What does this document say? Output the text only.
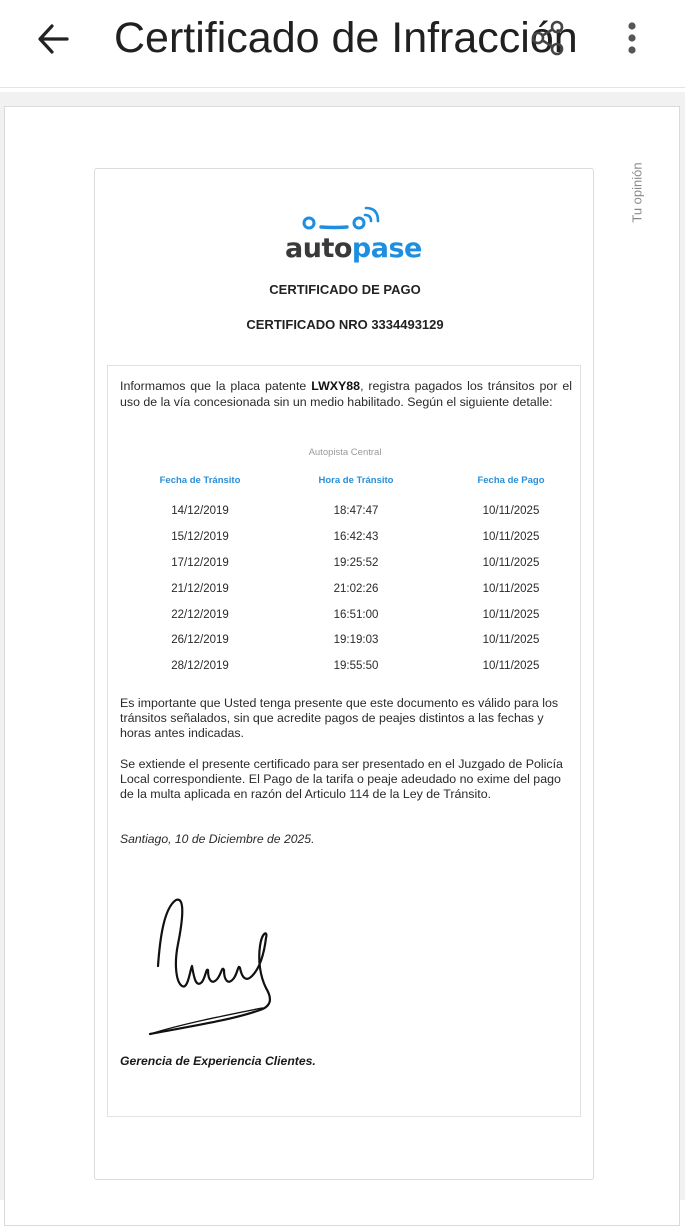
Certificado de Infracción
Tu opinión
autopase
CERTIFICADO DE PAGO
CERTIFICADO NRO 3334493129
Informamos que la placa patente LWXY88, registra pagados los tránsitos por el uso de la vía concesionada sin un medio habilitado. Según el siguiente detalle:
Autopista Central
Fecha de Tránsito	Hora de Tránsito	Fecha de Pago
14/12/2019	18:47:47	10/11/2025
15/12/2019	16:42:43	10/11/2025
17/12/2019	19:25:52	10/11/2025
21/12/2019	21:02:26	10/11/2025
22/12/2019	16:51:00	10/11/2025
26/12/2019	19:19:03	10/11/2025
28/12/2019	19:55:50	10/11/2025
Es importante que Usted tenga presente que este documento es válido para los tránsitos señalados, sin que acredite pagos de peajes distintos a las fechas y horas antes indicadas.
Se extiende el presente certificado para ser presentado en el Juzgado de Policía Local correspondiente. El Pago de la tarifa o peaje adeudado no exime del pago de la multa aplicada en razón del Articulo 114 de la Ley de Tránsito.
Santiago, 10 de Diciembre de 2025.
Gerencia de Experiencia Clientes.
